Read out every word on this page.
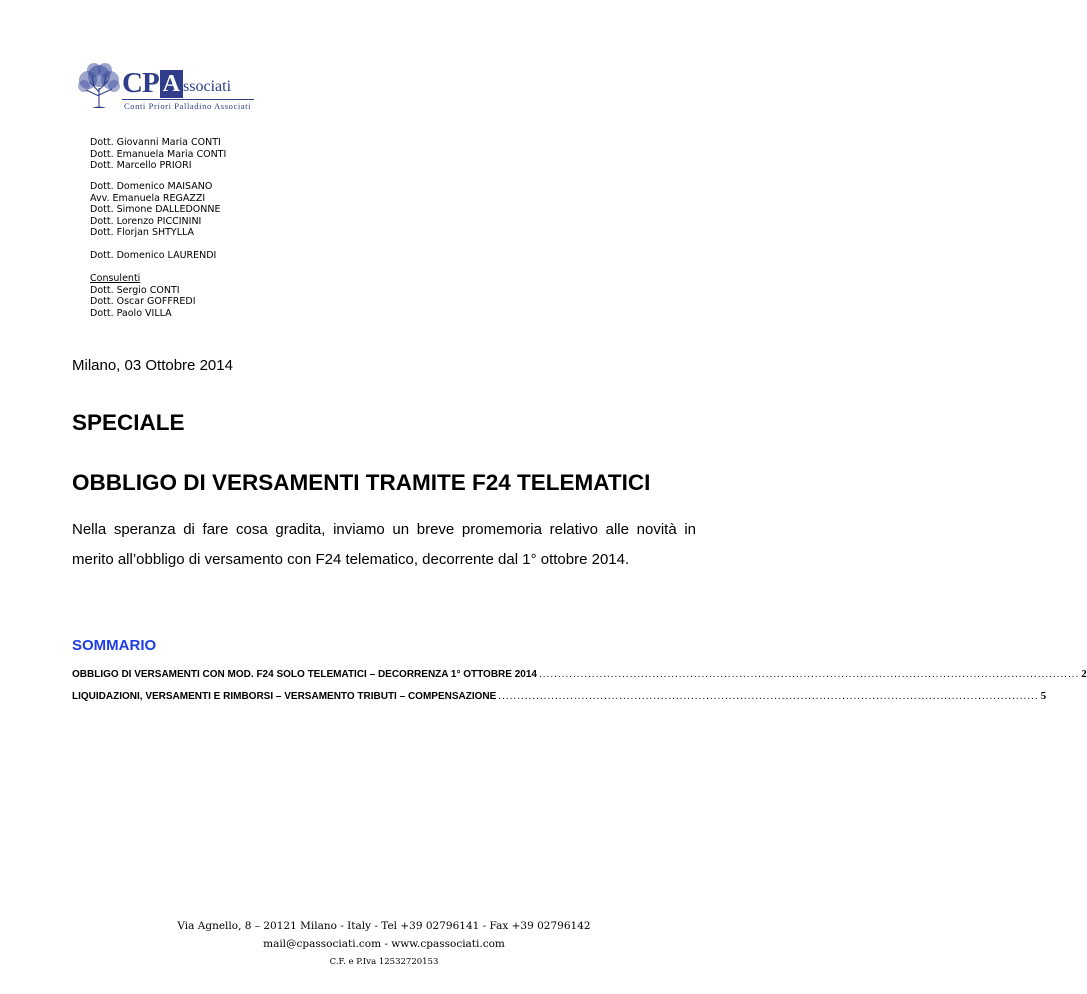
CP A ssociati
Conti Priori Palladino Associati
Dott. Giovanni Maria CONTI
Dott. Emanuela Maria CONTI
Dott. Marcello PRIORI
Dott. Domenico MAISANO
Avv. Emanuela REGAZZI
Dott. Simone DALLEDONNE
Dott. Lorenzo PICCININI
Dott. Florjan SHTYLLA
Dott. Domenico LAURENDI
Consulenti
Dott. Sergio CONTI
Dott. Oscar GOFFREDI
Dott. Paolo VILLA
Milano, 03 Ottobre 2014
SPECIALE
OBBLIGO DI VERSAMENTI TRAMITE F24 TELEMATICI
Nella speranza di fare cosa gradita, inviamo un breve promemoria relativo alle novità in merito all’obbligo di versamento con F24 telematico, decorrente dal 1° ottobre 2014.
SOMMARIO
OBBLIGO DI VERSAMENTI CON MOD. F24 SOLO TELEMATICI – DECORRENZA 1° OTTOBRE 2014 ............................................................................................................................................... 2
LIQUIDAZIONI, VERSAMENTI E RIMBORSI – VERSAMENTO TRIBUTI – COMPENSAZIONE ............................................................................................................................................... 5
Via Agnello, 8 – 20121 Milano - Italy - Tel +39 02796141 - Fax +39 02796142
mail@cpassociati.com - www.cpassociati.com
C.F. e P.Iva 12532720153
